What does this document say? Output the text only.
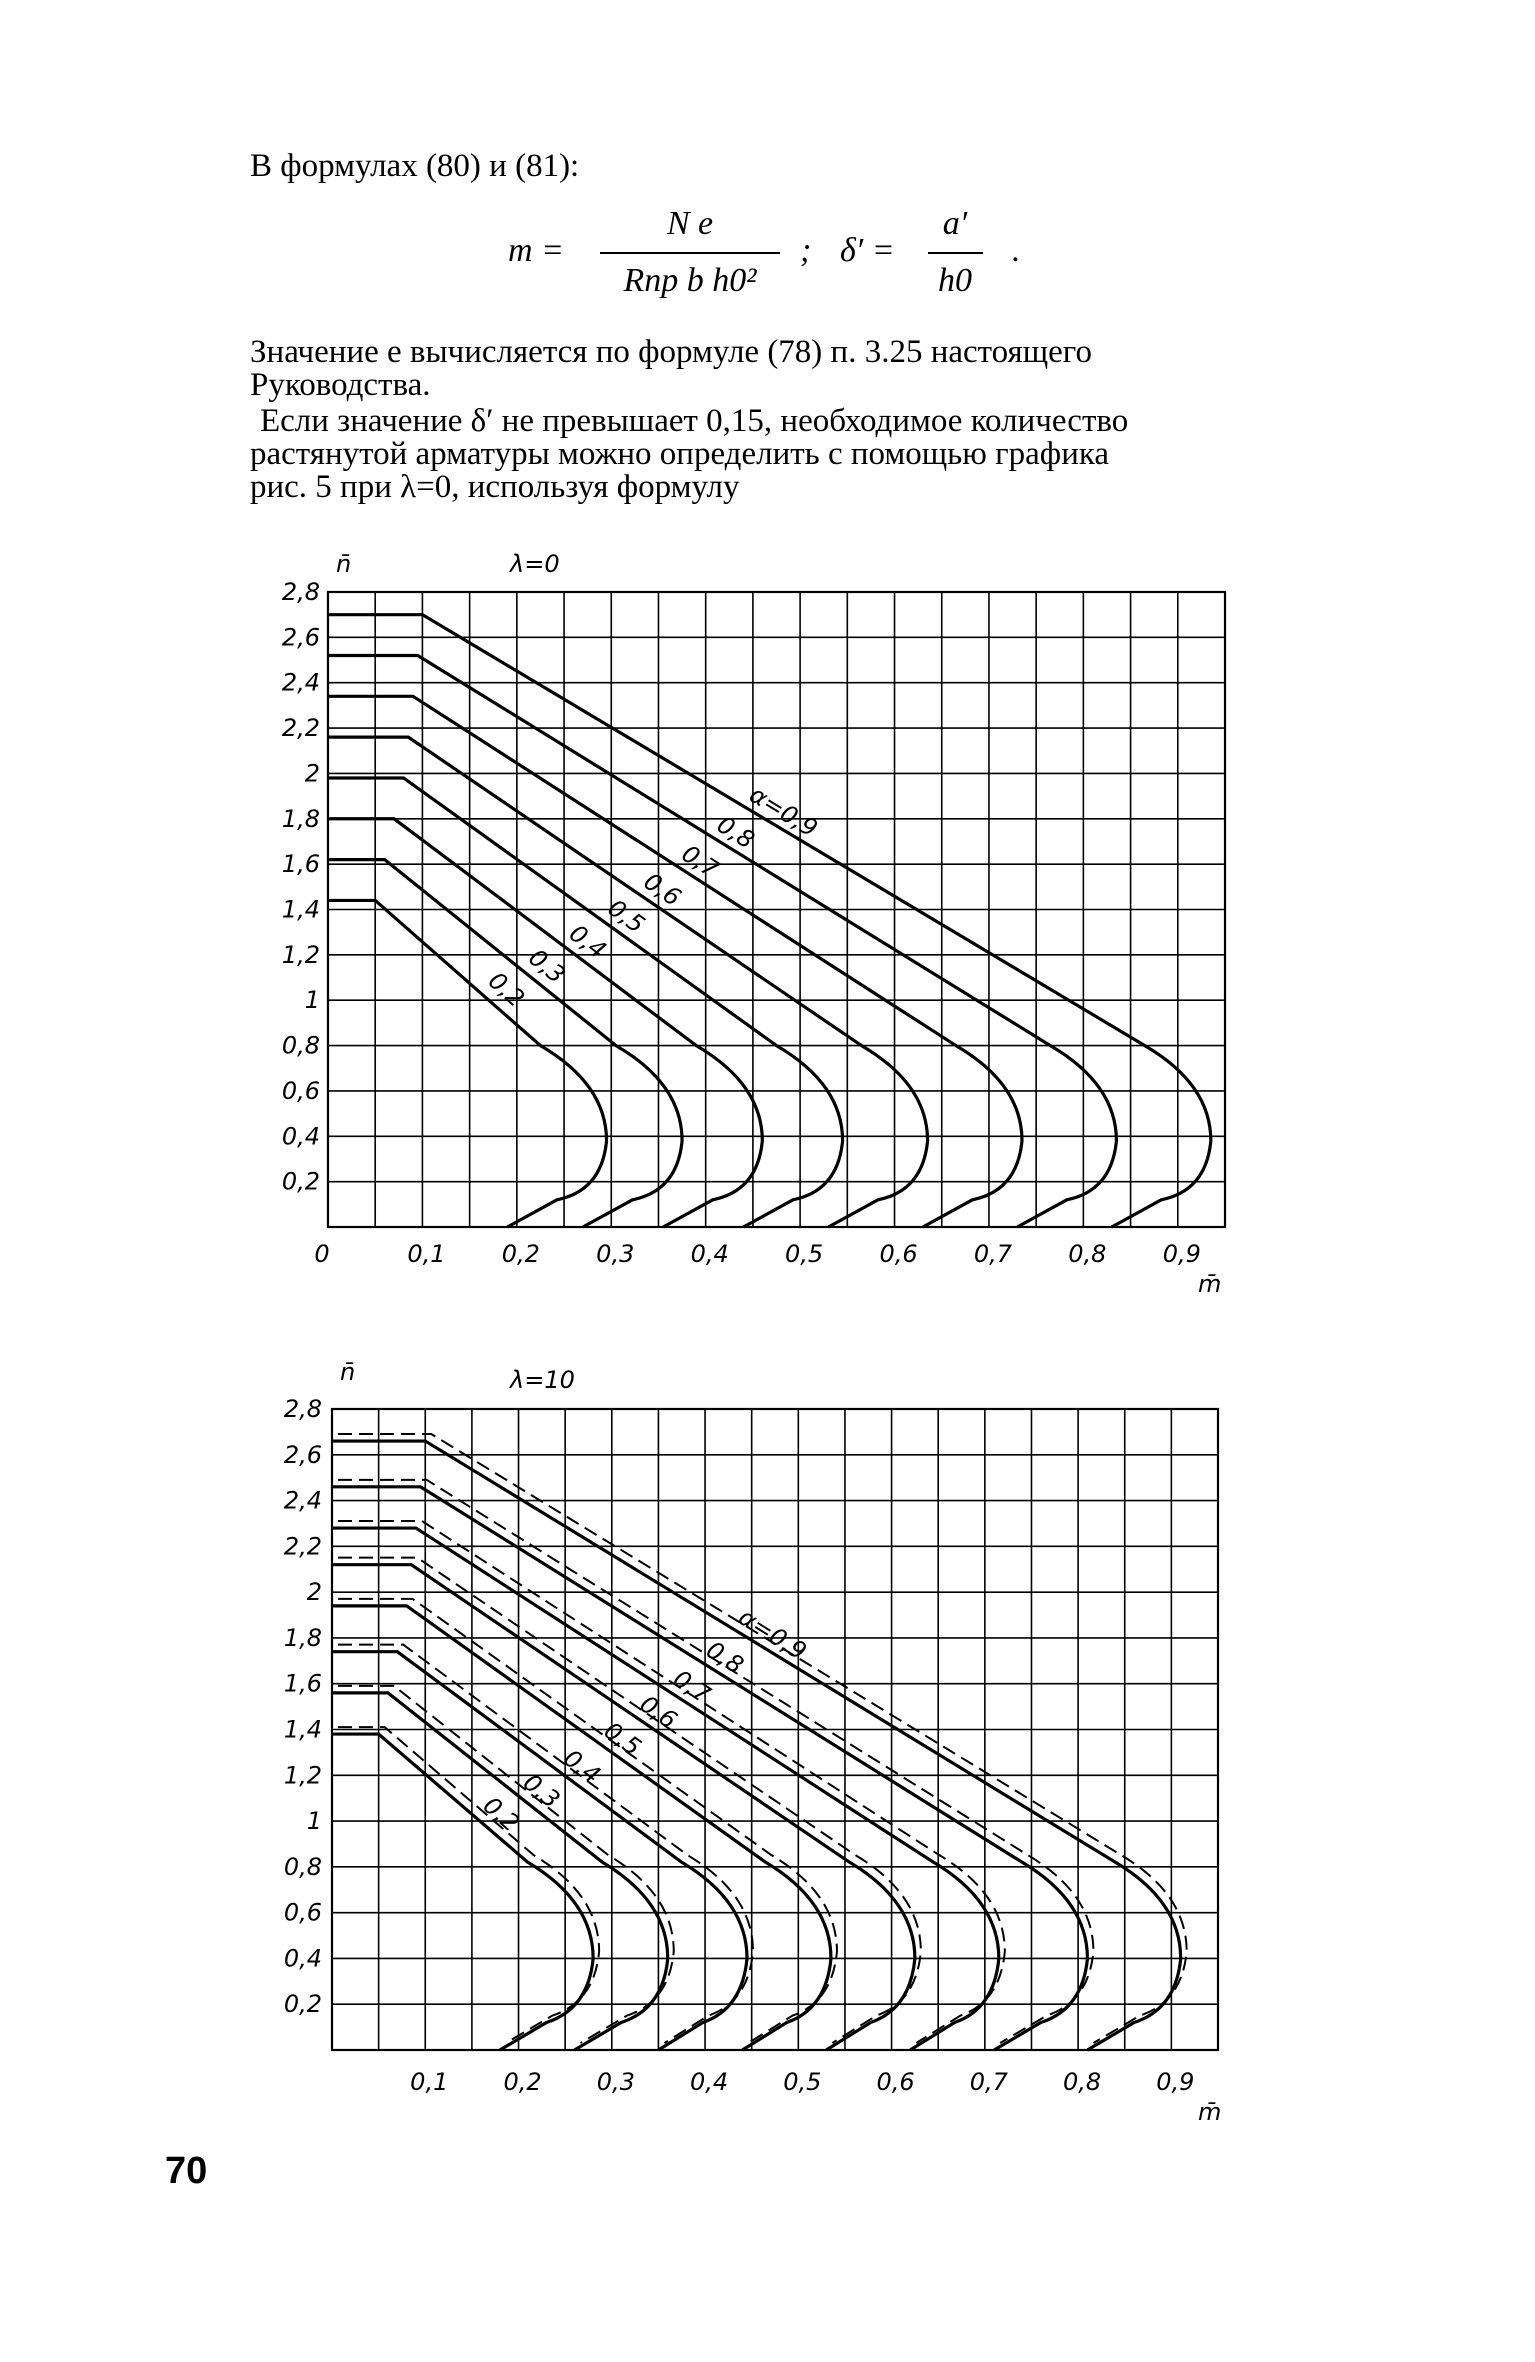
В формулах (80) и (81):
m =
N e
Rпр b h0²
; δ′ =
a′
h0
.
Значение e вычисляется по формуле (78) п. 3.25 настоящего
Руководства.
Если значение δ′ не превышает 0,15, необходимое количество
растянутой арматуры можно определить с помощью графика
рис. 5 при λ=0, используя формулу
λ=0
n̄
m̄
0,2
0,4
0,6
0,8
1
1,2
1,4
1,6
1,8
2
2,2
2,4
2,6
2,8
0	0,1 0,2 0,3 0,4 0,5 0,6 0,7 0,8 0,9
α=0,9
0,8
0,7
0,6
0,5
0,4
0,3
0,2
λ=10
n̄
m̄
0,2
0,4
0,6
0,8
1
1,2
1,4
1,6
1,8
2
2,2
2,4
2,6
2,8
0,1 0,2 0,3 0,4 0,5 0,6 0,7 0,8 0,9
α=0,9
0,8
0,7
0,6
0,5
0,4
0,3
0,2
70
